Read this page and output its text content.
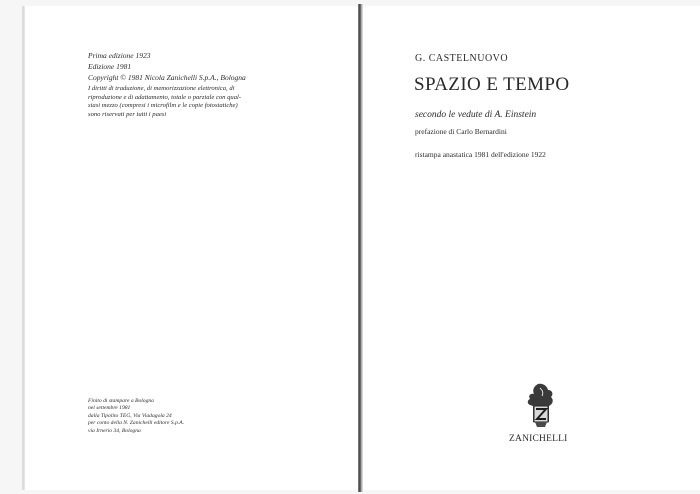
Prima edizione 1923
Edizione 1981
Copyright © 1981 Nicola Zanichelli S.p.A., Bologna
I diritti di traduzione, di memorizzazione elettronica, di
riproduzione e di adattamento, totale o parziale con qual-
siasi mezzo (compresi i microfilm e le copie fotostatiche)
sono riservati per tutti i paesi
Finito di stampare a Bologna
nel settembre 1981
dalla Tipolito TEG, Via Viadagola 24
per conto della N. Zanichelli editore S.p.A.
via Irnerio 34, Bologna
G. CASTELNUOVO
SPAZIO E TEMPO
secondo le vedute di A. Einstein
prefazione di Carlo Bernardini
ristampa anastatica 1981 dell'edizione 1922
ZANICHELLI
